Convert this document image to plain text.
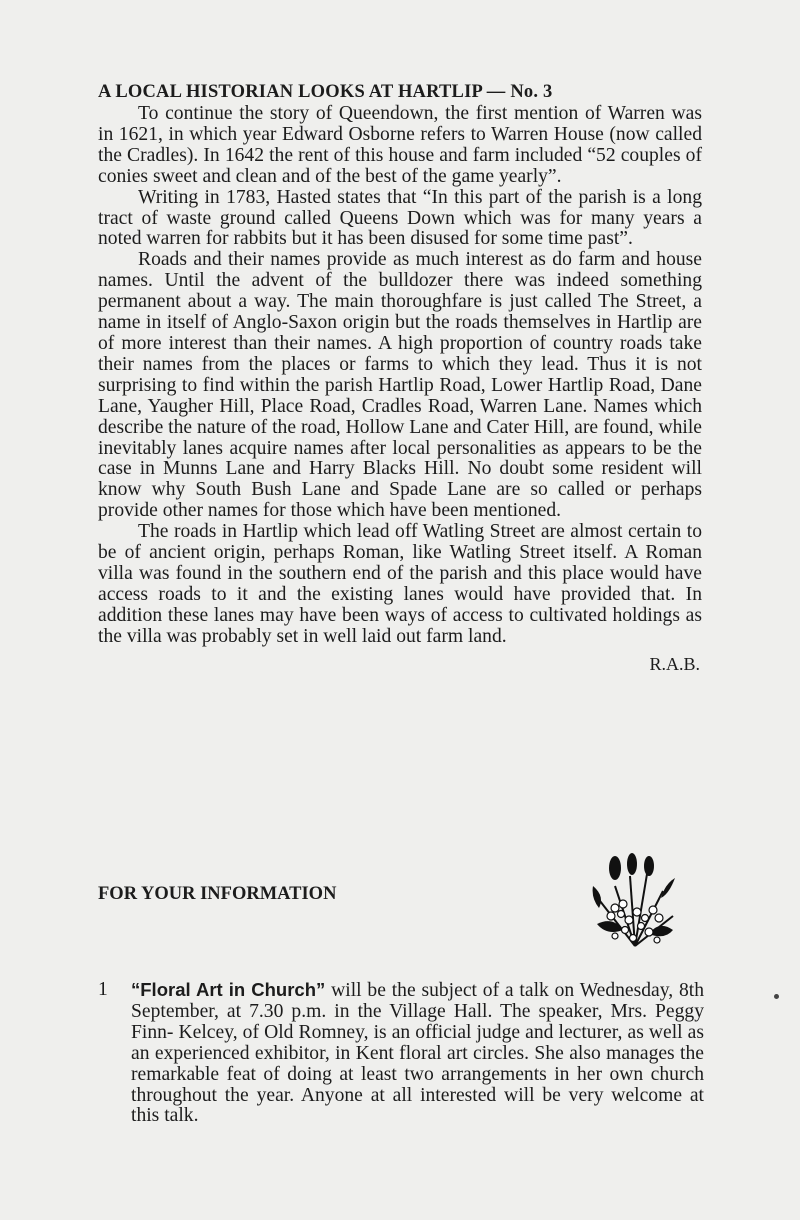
A LOCAL HISTORIAN LOOKS AT HARTLIP — No. 3

To continue the story of Queendown, the first mention of Warren was in 1621, in which year Edward Osborne refers to Warren House (now called the Cradles). In 1642 the rent of this house and farm included “52 couples of conies sweet and clean and of the best of the game yearly”.

Writing in 1783, Hasted states that “In this part of the parish is a long tract of waste ground called Queens Down which was for many years a noted warren for rabbits but it has been disused for some time past”.

Roads and their names provide as much interest as do farm and house names. Until the advent of the bulldozer there was indeed something permanent about a way. The main thoroughfare is just called The Street, a name in itself of Anglo-Saxon origin but the roads themselves in Hartlip are of more interest than their names. A high proportion of country roads take their names from the places or farms to which they lead. Thus it is not surprising to find within the parish Hartlip Road, Lower Hartlip Road, Dane Lane, Yaugher Hill, Place Road, Cradles Road, Warren Lane. Names which describe the nature of the road, Hollow Lane and Cater Hill, are found, while inevitably lanes acquire names after local personalities as appears to be the case in Munns Lane and Harry Blacks Hill. No doubt some resident will know why South Bush Lane and Spade Lane are so called or perhaps provide other names for those which have been mentioned.

The roads in Hartlip which lead off Watling Street are almost certain to be of ancient origin, perhaps Roman, like Watling Street itself. A Roman villa was found in the southern end of the parish and this place would have access roads to it and the existing lanes would have provided that. In addition these lanes may have been ways of access to cultivated holdings as the villa was probably set in well laid out farm land.

R.A.B.
FOR YOUR INFORMATION
1 “Floral Art in Church” will be the subject of a talk on Wednesday, 8th September, at 7.30 p.m. in the Village Hall. The speaker, Mrs. Peggy Finn- Kelcey, of Old Romney, is an official judge and lecturer, as well as an experienced exhibitor, in Kent floral art circles. She also manages the remarkable feat of doing at least two arrangements in her own church throughout the year. Anyone at all interested will be very welcome at this talk.
